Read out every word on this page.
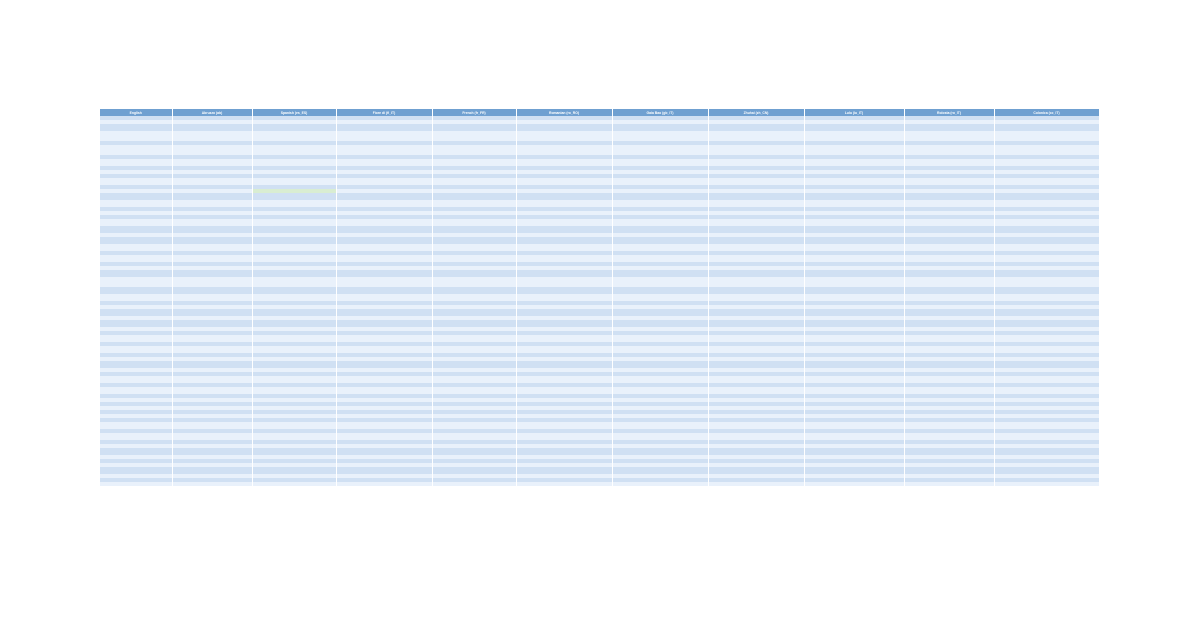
English	Abruzzo (ab)	Spanish (es_ES)	Fiore di (fi_IT)	French (fr_FR)	Romanian (ro_RO)	Gaia Bao (gb_IT)	Zhuhai (zh_CN)	Lulu (lu_IT)	Rolosta (ro_IT)	Colonica (cc_IT)
